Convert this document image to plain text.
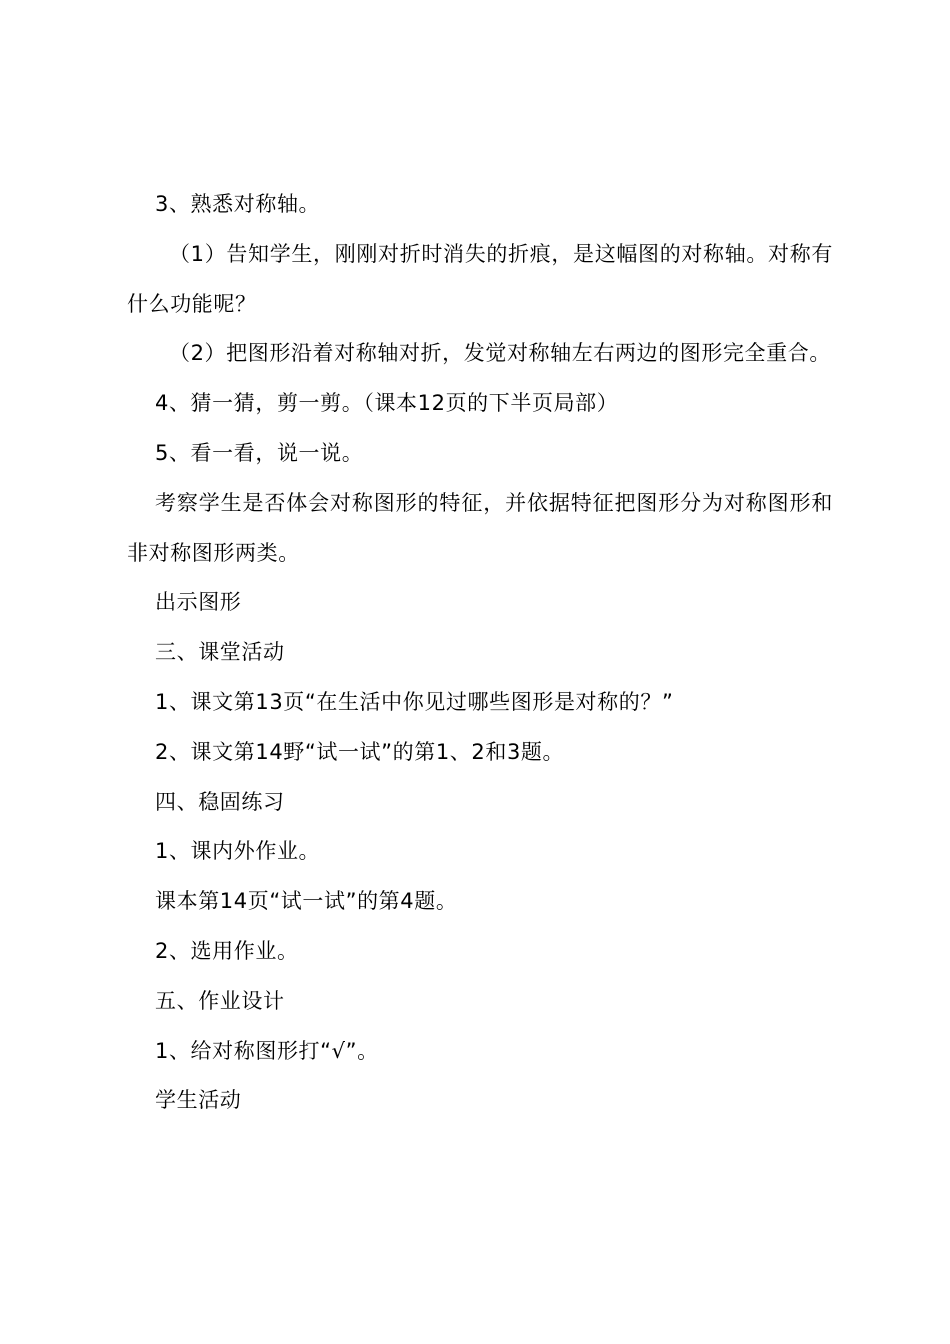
3、熟悉对称轴。

（1）告知学生，刚刚对折时消失的折痕，是这幅图的对称轴。对称有什么功能呢？

（2）把图形沿着对称轴对折，发觉对称轴左右两边的图形完全重合。

4、猜一猜，剪一剪。（课本12页的下半页局部）

5、看一看，说一说。

考察学生是否体会对称图形的特征，并依据特征把图形分为对称图形和非对称图形两类。

出示图形

三、课堂活动

1、课文第13页“在生活中你见过哪些图形是对称的？”

2、课文第14野“试一试”的第1、2和3题。

四、稳固练习

1、课内外作业。

课本第14页“试一试”的第4题。

2、选用作业。

五、作业设计

1、给对称图形打“√”。

学生活动
